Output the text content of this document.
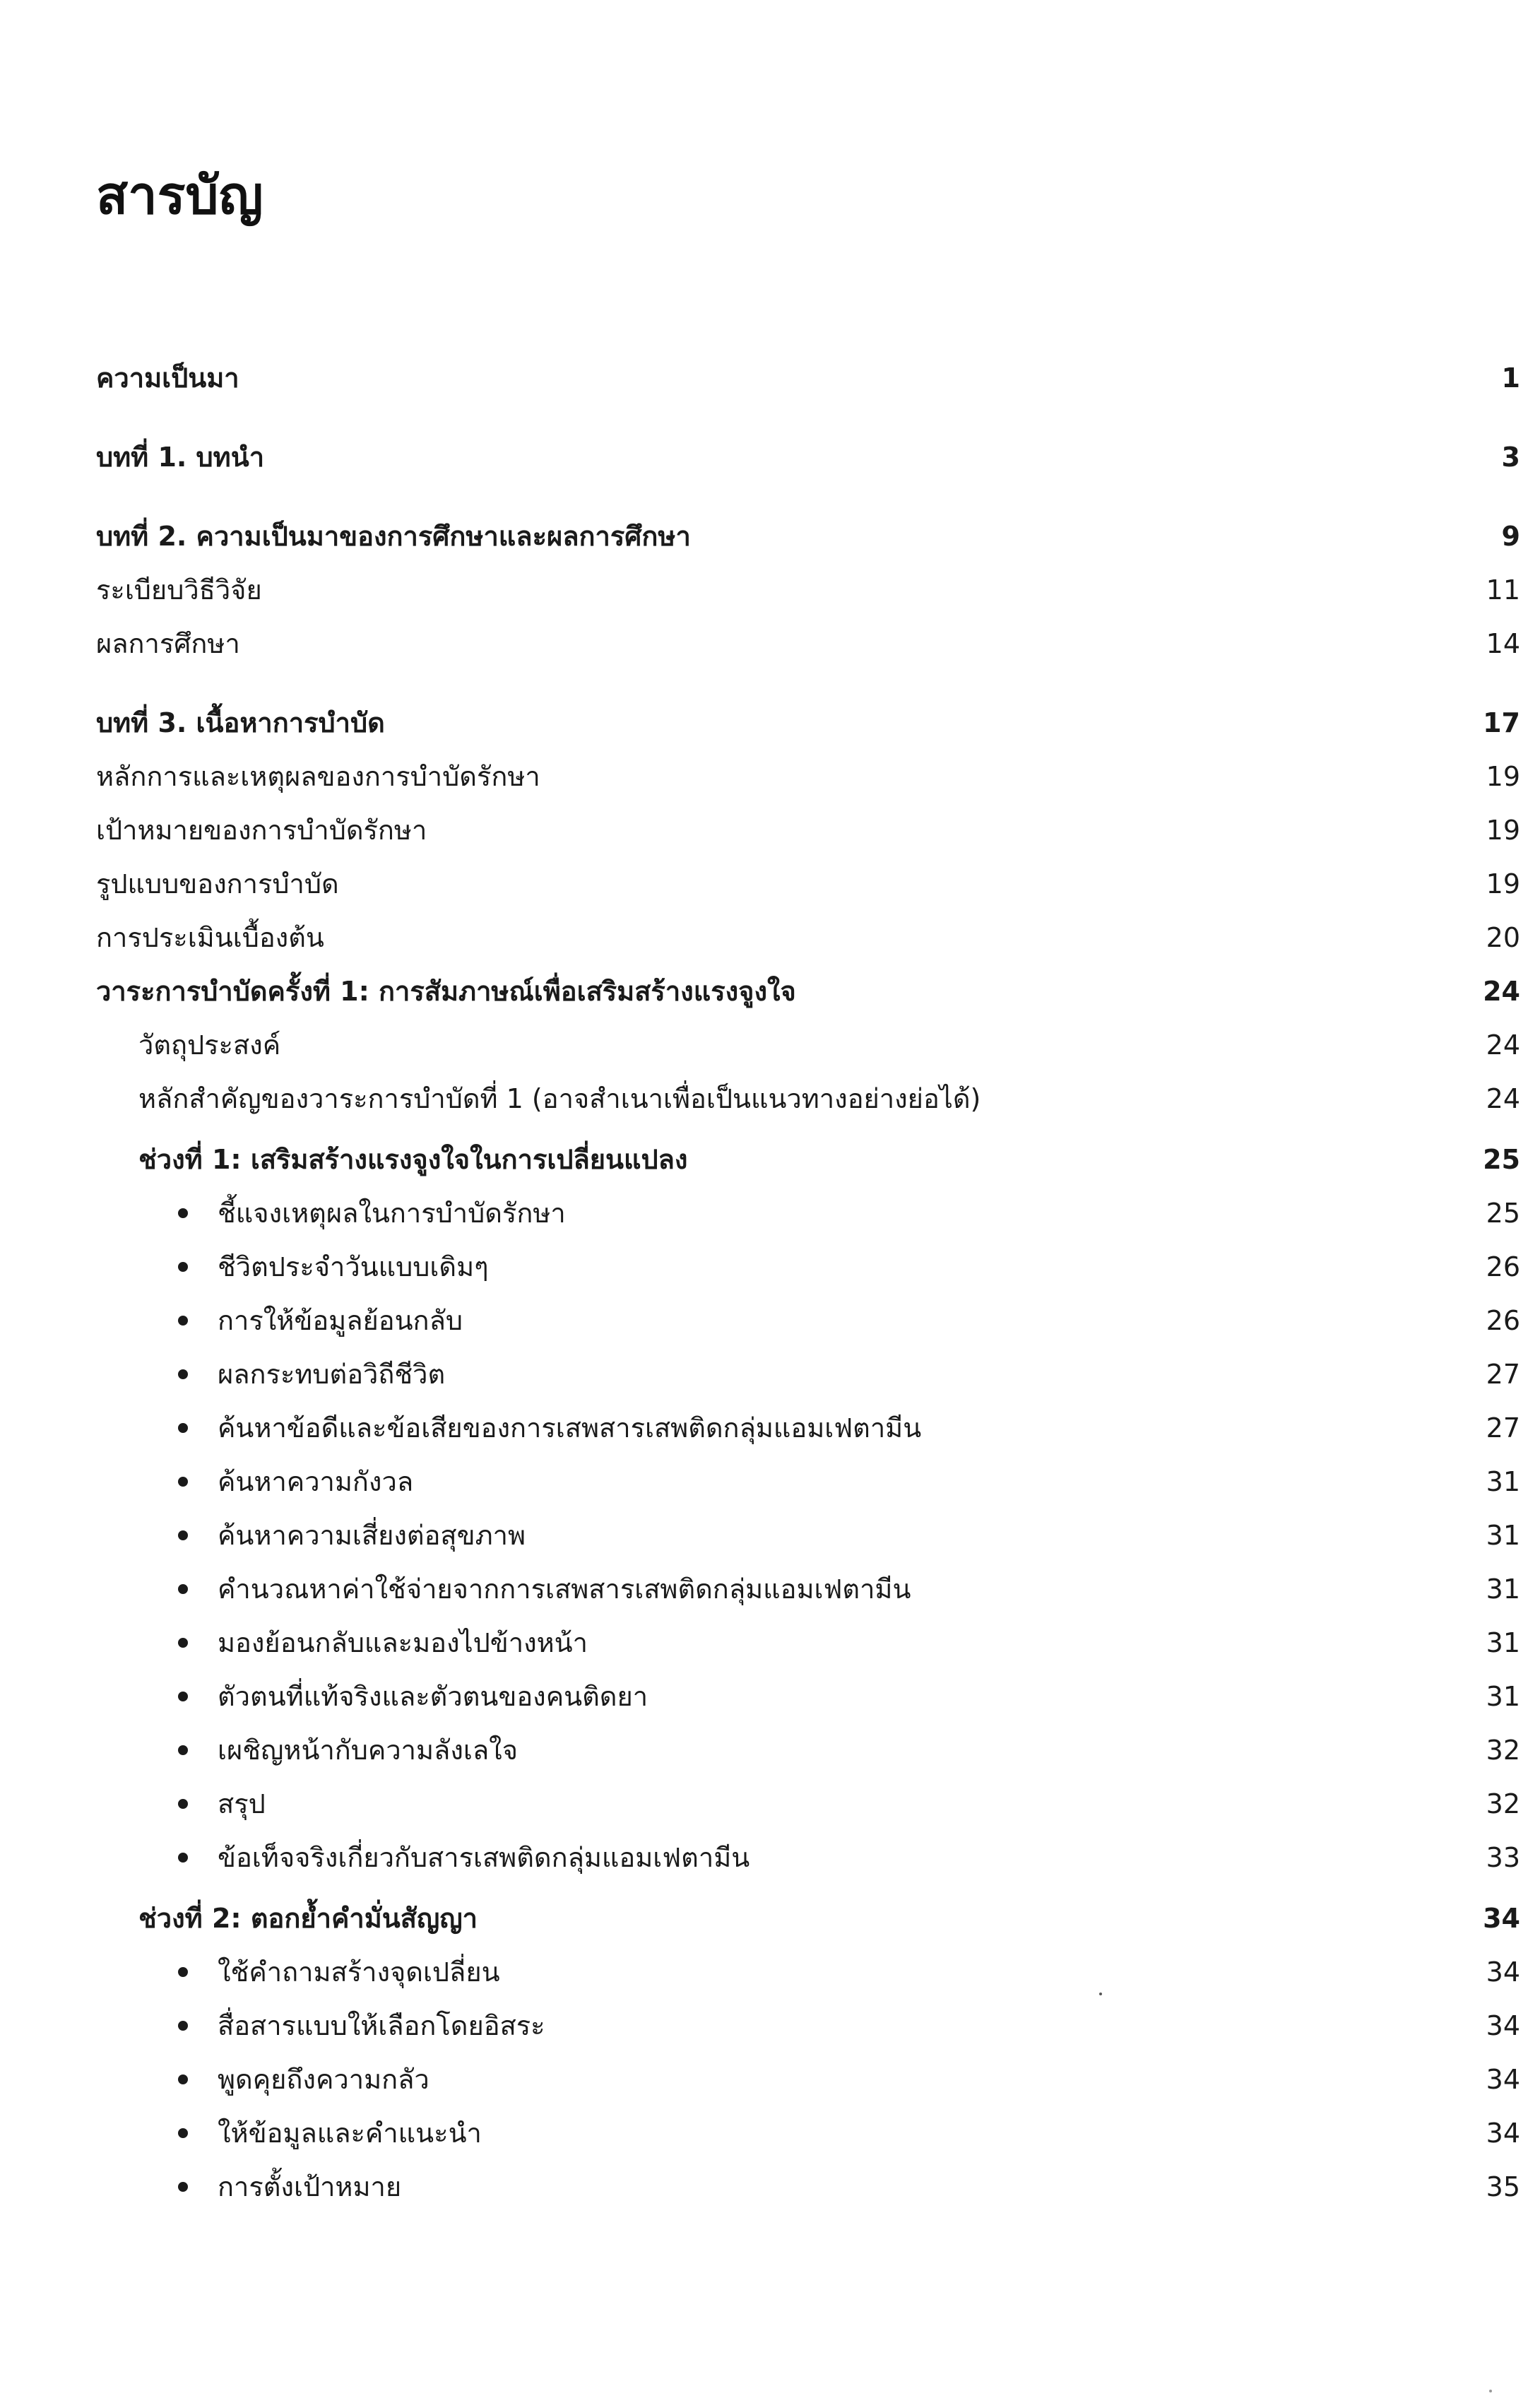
สารบัญ
ความเป็นมา	1
บทที่ 1. บทนำ	3
บทที่ 2. ความเป็นมาของการศึกษาและผลการศึกษา	9
ระเบียบวิธีวิจัย	11
ผลการศึกษา	14
บทที่ 3. เนื้อหาการบำบัด	17
หลักการและเหตุผลของการบำบัดรักษา	19
เป้าหมายของการบำบัดรักษา	19
รูปแบบของการบำบัด	19
การประเมินเบื้องต้น	20
วาระการบำบัดครั้งที่ 1: การสัมภาษณ์เพื่อเสริมสร้างแรงจูงใจ	24
วัตถุประสงค์	24
หลักสำคัญของวาระการบำบัดที่ 1 (อาจสำเนาเพื่อเป็นแนวทางอย่างย่อได้)	24
ช่วงที่ 1: เสริมสร้างแรงจูงใจในการเปลี่ยนแปลง	25
ชี้แจงเหตุผลในการบำบัดรักษา	25
ชีวิตประจำวันแบบเดิมๆ	26
การให้ข้อมูลย้อนกลับ	26
ผลกระทบต่อวิถีชีวิต	27
ค้นหาข้อดีและข้อเสียของการเสพสารเสพติดกลุ่มแอมเฟตามีน	27
ค้นหาความกังวล	31
ค้นหาความเสี่ยงต่อสุขภาพ	31
คำนวณหาค่าใช้จ่ายจากการเสพสารเสพติดกลุ่มแอมเฟตามีน	31
มองย้อนกลับและมองไปข้างหน้า	31
ตัวตนที่แท้จริงและตัวตนของคนติดยา	31
เผชิญหน้ากับความลังเลใจ	32
สรุป	32
ข้อเท็จจริงเกี่ยวกับสารเสพติดกลุ่มแอมเฟตามีน	33
ช่วงที่ 2: ตอกย้ำคำมั่นสัญญา	34
ใช้คำถามสร้างจุดเปลี่ยน	34
สื่อสารแบบให้เลือกโดยอิสระ	34
พูดคุยถึงความกลัว	34
ให้ข้อมูลและคำแนะนำ	34
การตั้งเป้าหมาย	35
